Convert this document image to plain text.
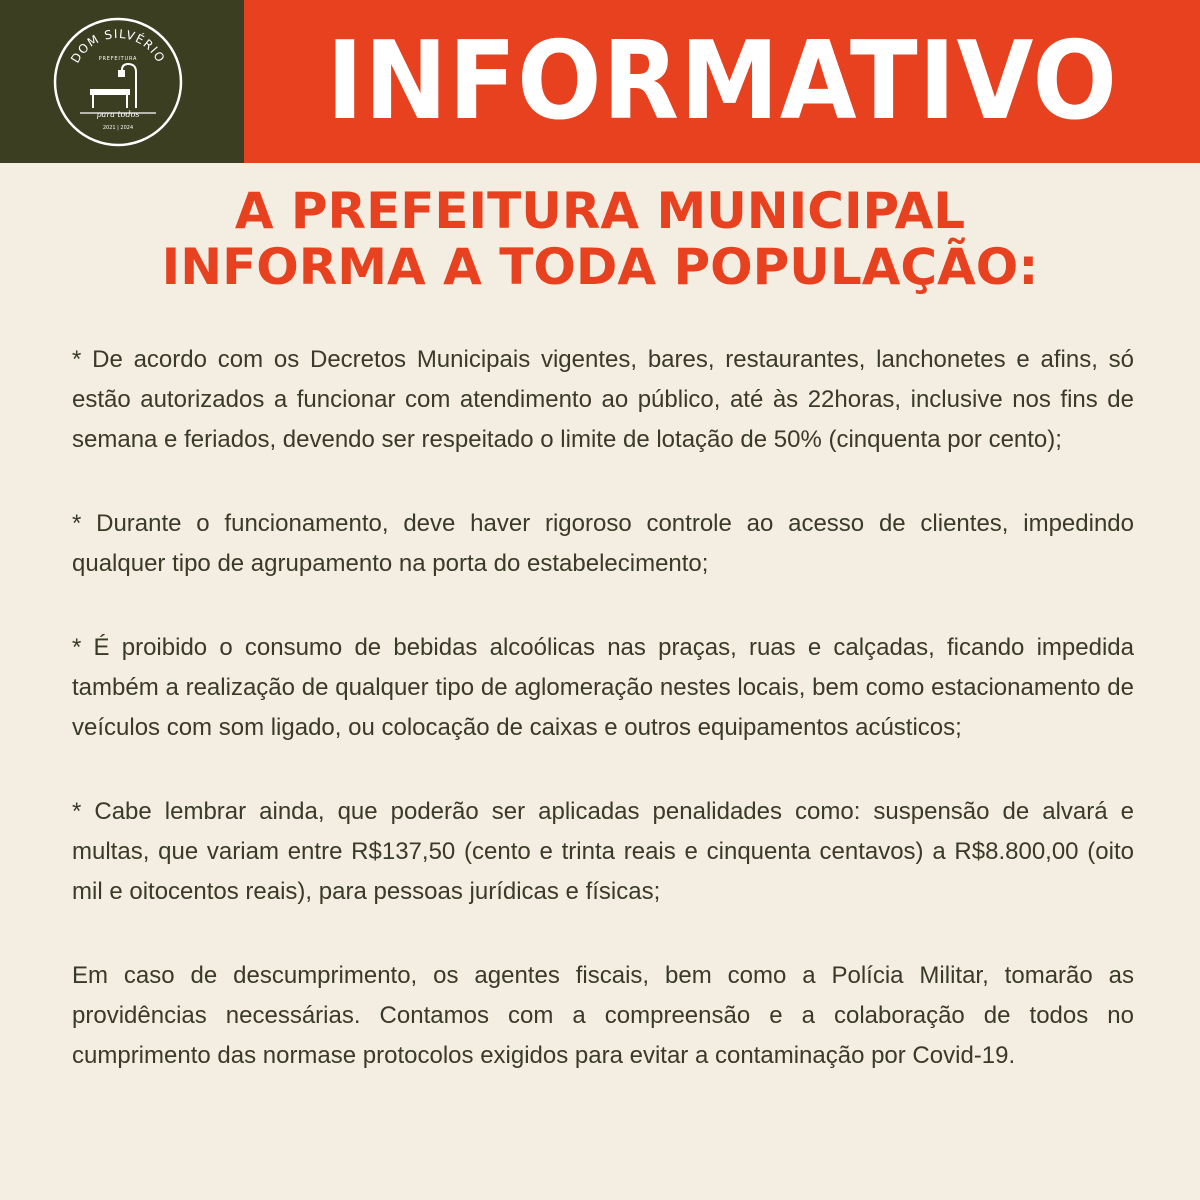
DOM SILVÉRIO
PREFEITURA
para todos
2021 | 2024 INFORMATIVO
A PREFEITURA MUNICIPAL
INFORMA A TODA POPULAÇÃO:

* De acordo com os Decretos Municipais vigentes, bares, restaurantes, lanchonetes e afins, só estão autorizados a funcionar com atendimento ao público, até às 22horas, inclusive nos fins de semana e feriados, devendo ser respeitado o limite de lotação de 50% (cinquenta por cento);

* Durante o funcionamento, deve haver rigoroso controle ao acesso de clientes, impedindo qualquer tipo de agrupamento na porta do estabelecimento;

* É proibido o consumo de bebidas alcoólicas nas praças, ruas e calçadas, ficando impedida também a realização de qualquer tipo de aglomeração nestes locais, bem como estacionamento de veículos com som ligado, ou colocação de caixas e outros equipamentos acústicos;

* Cabe lembrar ainda, que poderão ser aplicadas penalidades como: suspensão de alvará e multas, que variam entre R$137,50 (cento e trinta reais e cinquenta centavos) a R$8.800,00 (oito mil e oitocentos reais), para pessoas jurídicas e físicas;

Em caso de descumprimento, os agentes fiscais, bem como a Polícia Militar, tomarão as providências necessárias. Contamos com a compreensão e a colaboração de todos no cumprimento das normase protocolos exigidos para evitar a contaminação por Covid-19.
